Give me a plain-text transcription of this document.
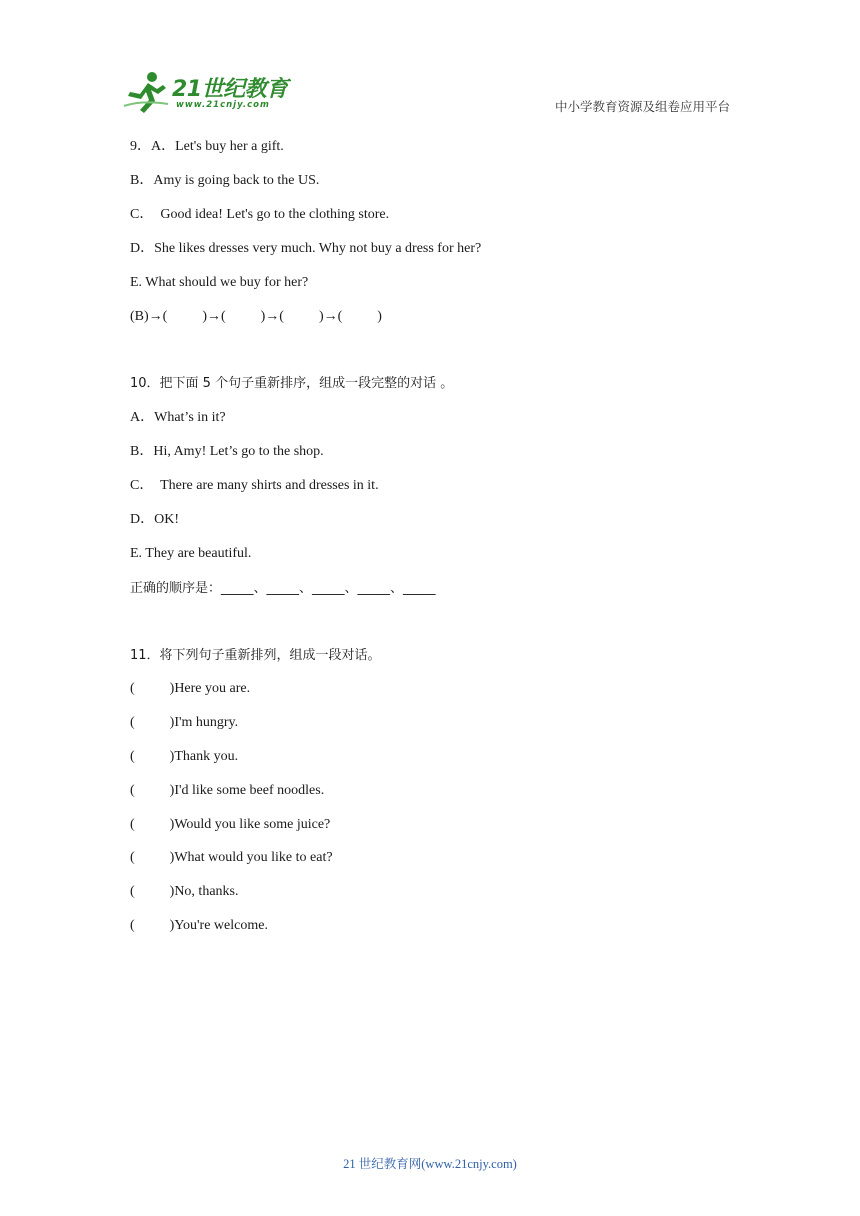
21世纪教育
www.21cnjy.com	中小学教育资源及组卷应用平台
9．A．Let's buy her a gift.
B．Amy is going back to the US.
C．  Good idea! Let's go to the clothing store.
D．She likes dresses very much. Why not buy a dress for her?
E. What should we buy for her?
(B)→(          )→(          )→(          )→(          )
10．把下面 5 个句子重新排序，组成一段完整的对话 。
A．What’s in it?
B．Hi, Amy! Let’s go to the shop.
C．  There are many shirts and dresses in it.
D．OK!
E. They are beautiful.
正确的顺序是：_____、_____、_____、_____、_____
11．将下列句子重新排列，组成一段对话。
(          )Here you are.
(          )I'm hungry.
(          )Thank you.
(          )I'd like some beef noodles.
(          )Would you like some juice?
(          )What would you like to eat?
(          )No, thanks.
(          )You're welcome.
21 世纪教育网(www.21cnjy.com)
